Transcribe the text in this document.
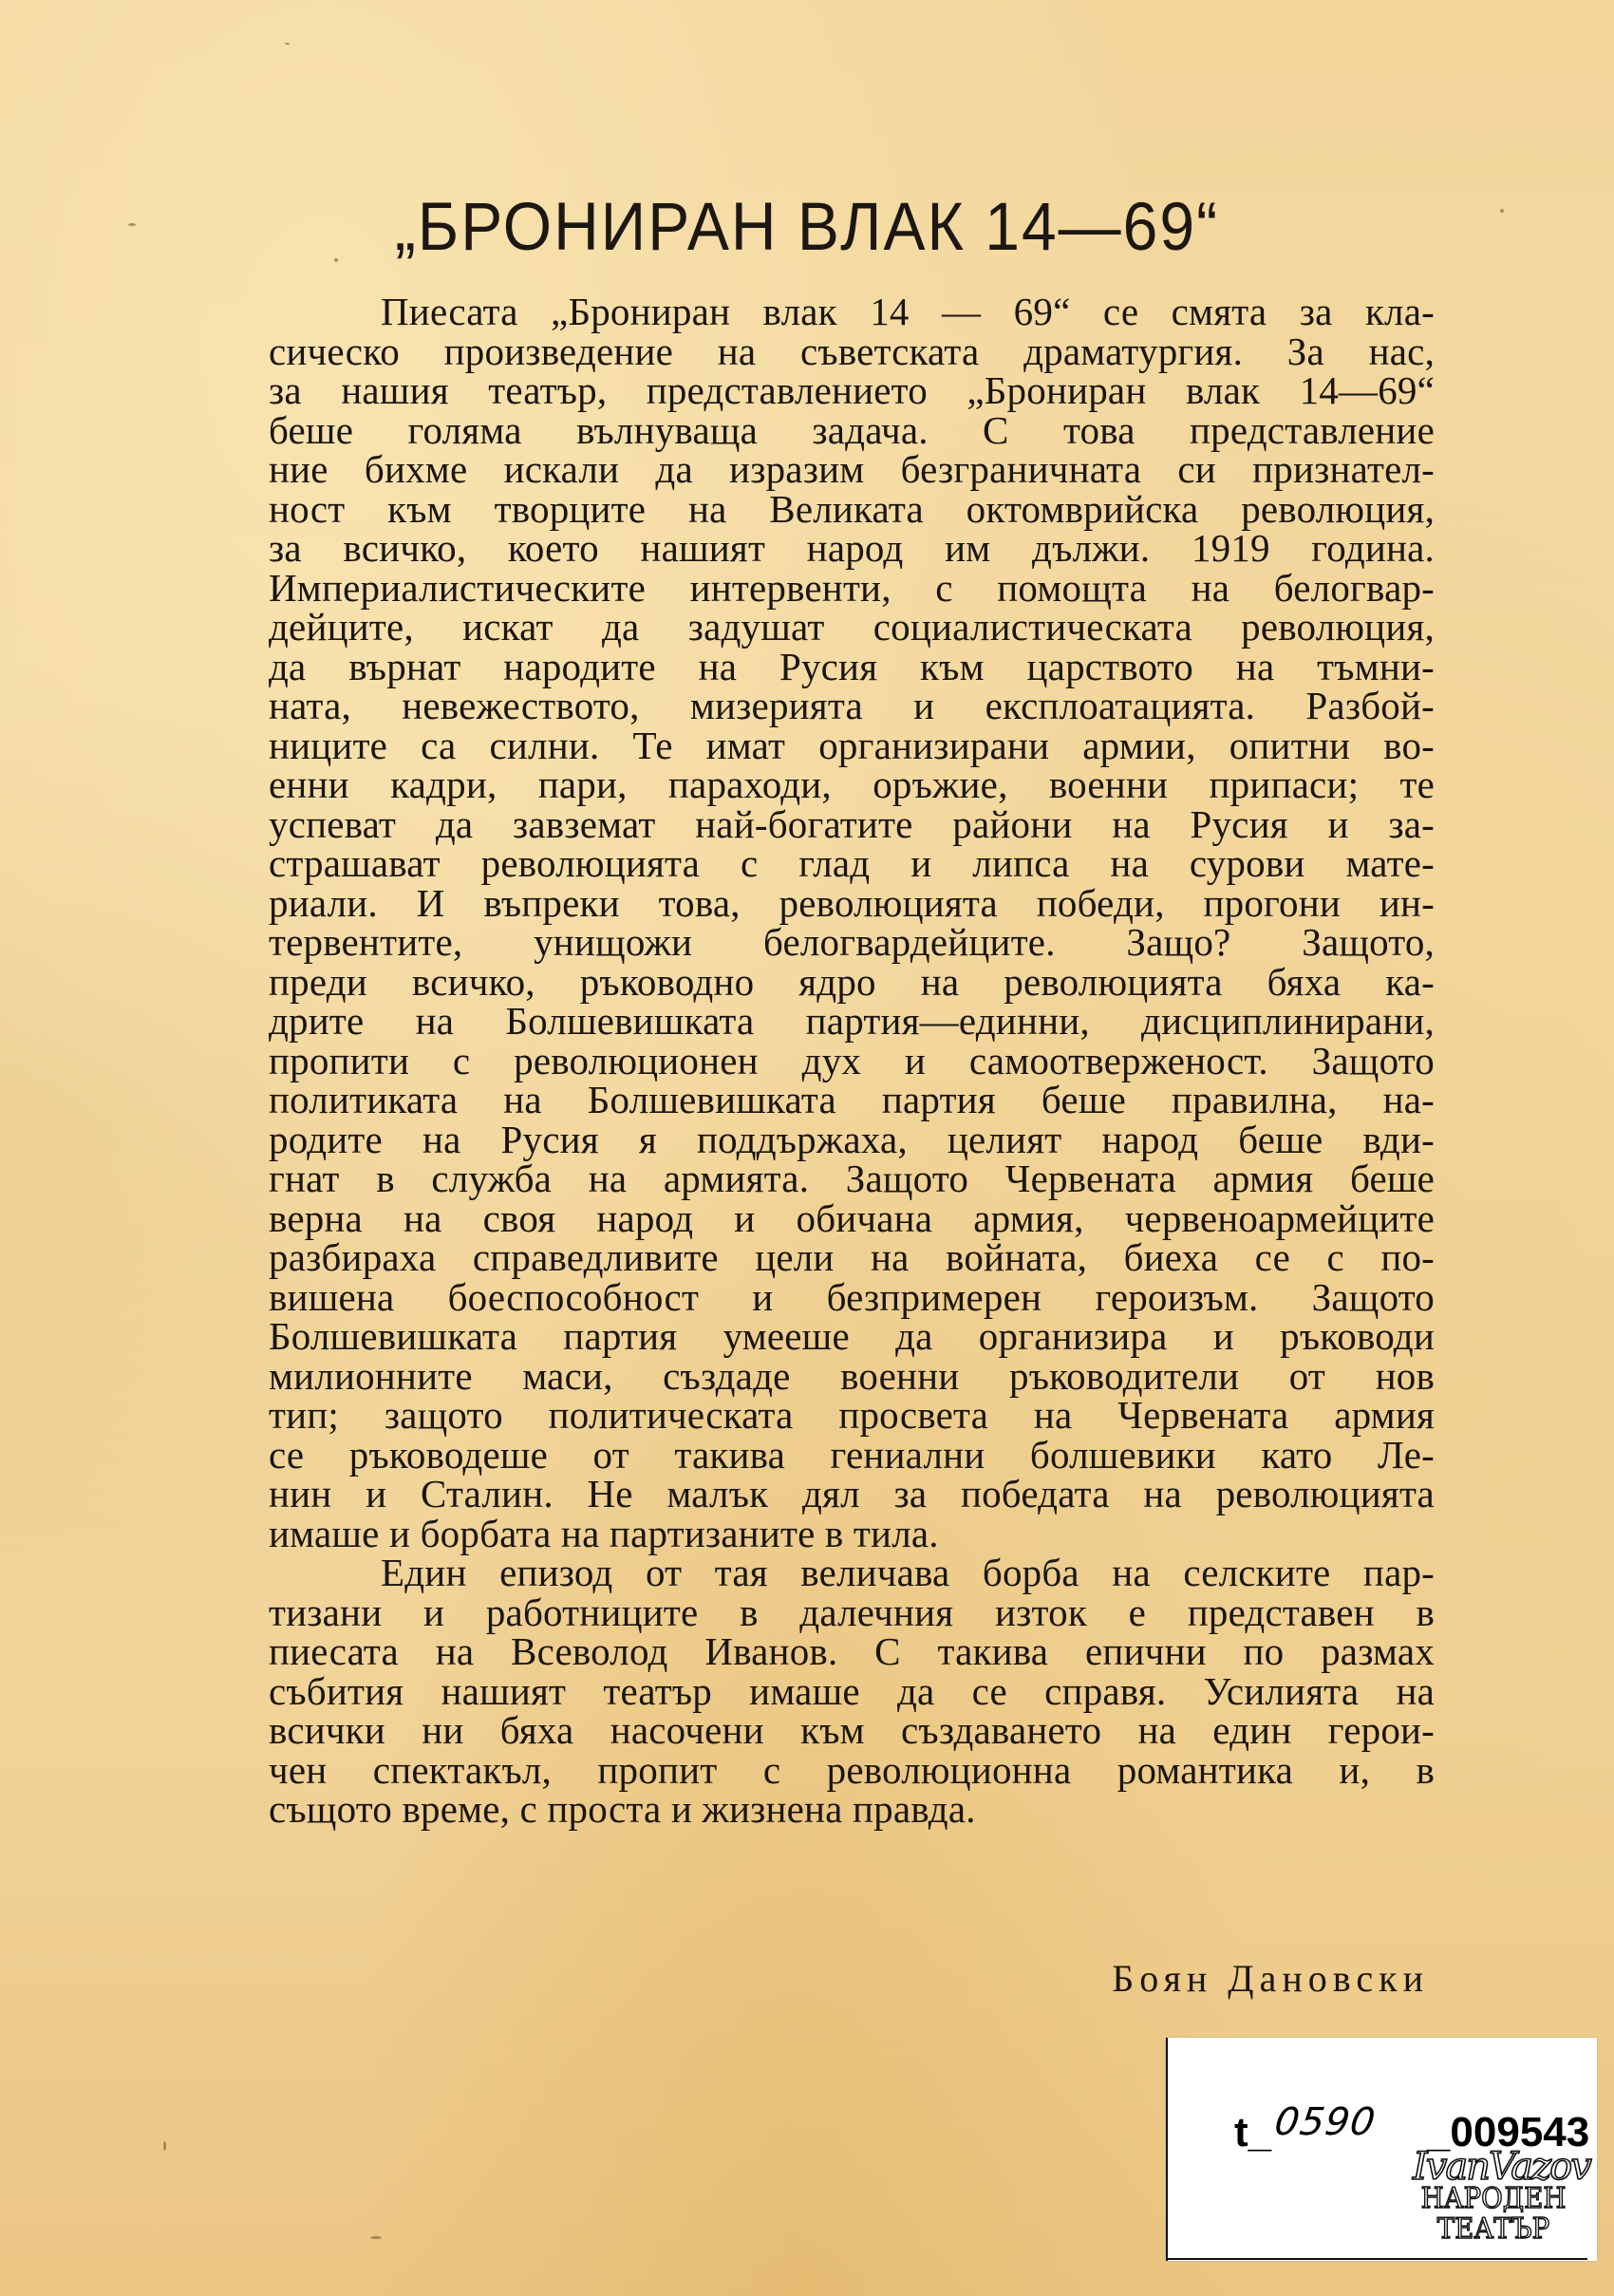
„БРОНИРАН ВЛАК 14—69“
Пиесата „Брониран влак 14 — 69“ се смята за кла-
сическо произведение на съветската драматургия. За нас,
за нашия театър, представлението „Брониран влак 14—69“
беше голяма вълнуваща задача. С това представление
ние бихме искали да изразим безграничната си признател-
ност към творците на Великата октомврийска революция,
за всичко, което нашият народ им дължи. 1919 година.
Империалистическите интервенти, с помощта на белогвар-
дейците, искат да задушат социалистическата революция,
да върнат народите на Русия към царството на тъмни-
ната, невежеството, мизерията и експлоатацията. Разбой-
ниците са силни. Те имат организирани армии, опитни во-
енни кадри, пари, параходи, оръжие, военни припаси; те
успеват да завземат най-богатите райони на Русия и за-
страшават революцията с глад и липса на сурови мате-
риали. И въпреки това, революцията победи, прогони ин-
тервентите, унищожи белогвардейците. Защо? Защото,
преди всичко, ръководно ядро на революцията бяха ка-
дрите на Болшевишката партия—единни, дисциплинирани,
пропити с революционен дух и самоотверженост. Защото
политиката на Болшевишката партия беше правилна, на-
родите на Русия я поддържаха, целият народ беше вди-
гнат в служба на армията. Защото Червената армия беше
верна на своя народ и обичана армия, червеноармейците
разбираха справедливите цели на войната, биеха се с по-
вишена боеспособност и безпримерен героизъм. Защото
Болшевишката партия умееше да организира и ръководи
милионните маси, създаде военни ръководители от нов
тип; защото политическата просвета на Червената армия
се ръководеше от такива гениални болшевики като Ле-
нин и Сталин. Не малък дял за победата на революцията
имаше и борбата на партизаните в тила.
Един епизод от тая величава борба на селските пар-
тизани и работниците в далечния изток е представен в
пиесата на Всеволод Иванов. С такива епични по размах
събития нашият театър имаше да се справя. Усилията на
всички ни бяха насочени към създаването на един герои-
чен спектакъл, пропит с революционна романтика и, в
същото време, с проста и жизнена правда.
Боян Дановски
t_0590 _009543
IvanVazov
НАРОДЕН
ТЕАТЪР
